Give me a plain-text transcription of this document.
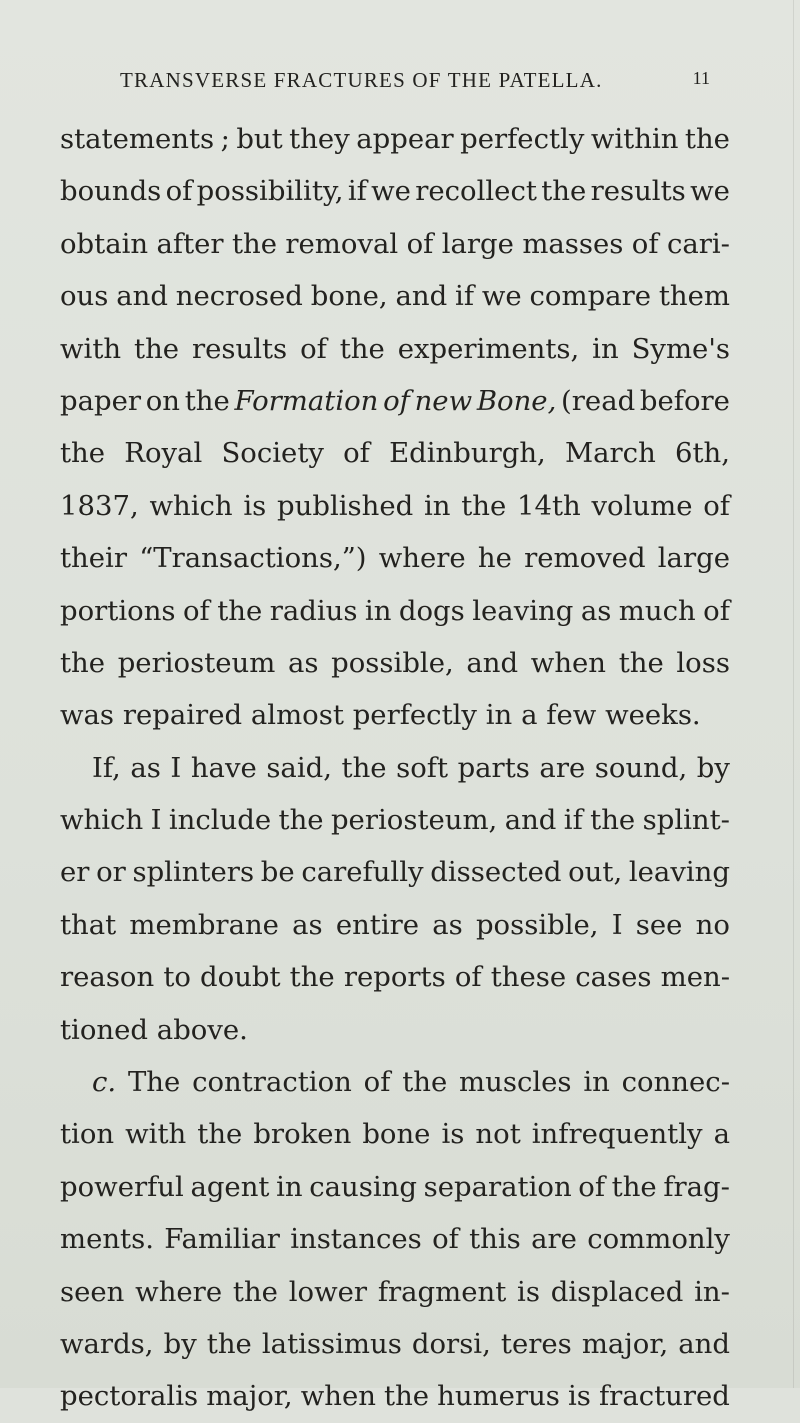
TRANSVERSE FRACTURES OF THE PATELLA.	11
statements ; but they appear perfectly within the
bounds of possibility, if we recollect the results we
obtain after the removal of large masses of cari-
ous and necrosed bone, and if we compare them
with the results of the experiments, in Syme's
paper on the Formation of new Bone, (read before
the Royal Society of Edinburgh, March 6th,
1837, which is published in the 14th volume of
their “Transactions,”) where he removed large
portions of the radius in dogs leaving as much of
the periosteum as possible, and when the loss
was repaired almost perfectly in a few weeks.
If, as I have said, the soft parts are sound, by
which I include the periosteum, and if the splint-
er or splinters be carefully dissected out, leaving
that membrane as entire as possible, I see no
reason to doubt the reports of these cases men-
tioned above.
c. The contraction of the muscles in connec-
tion with the broken bone is not infrequently a
powerful agent in causing separation of the frag-
ments. Familiar instances of this are commonly
seen where the lower fragment is displaced in-
wards, by the latissimus dorsi, teres major, and
pectoralis major, when the humerus is fractured
